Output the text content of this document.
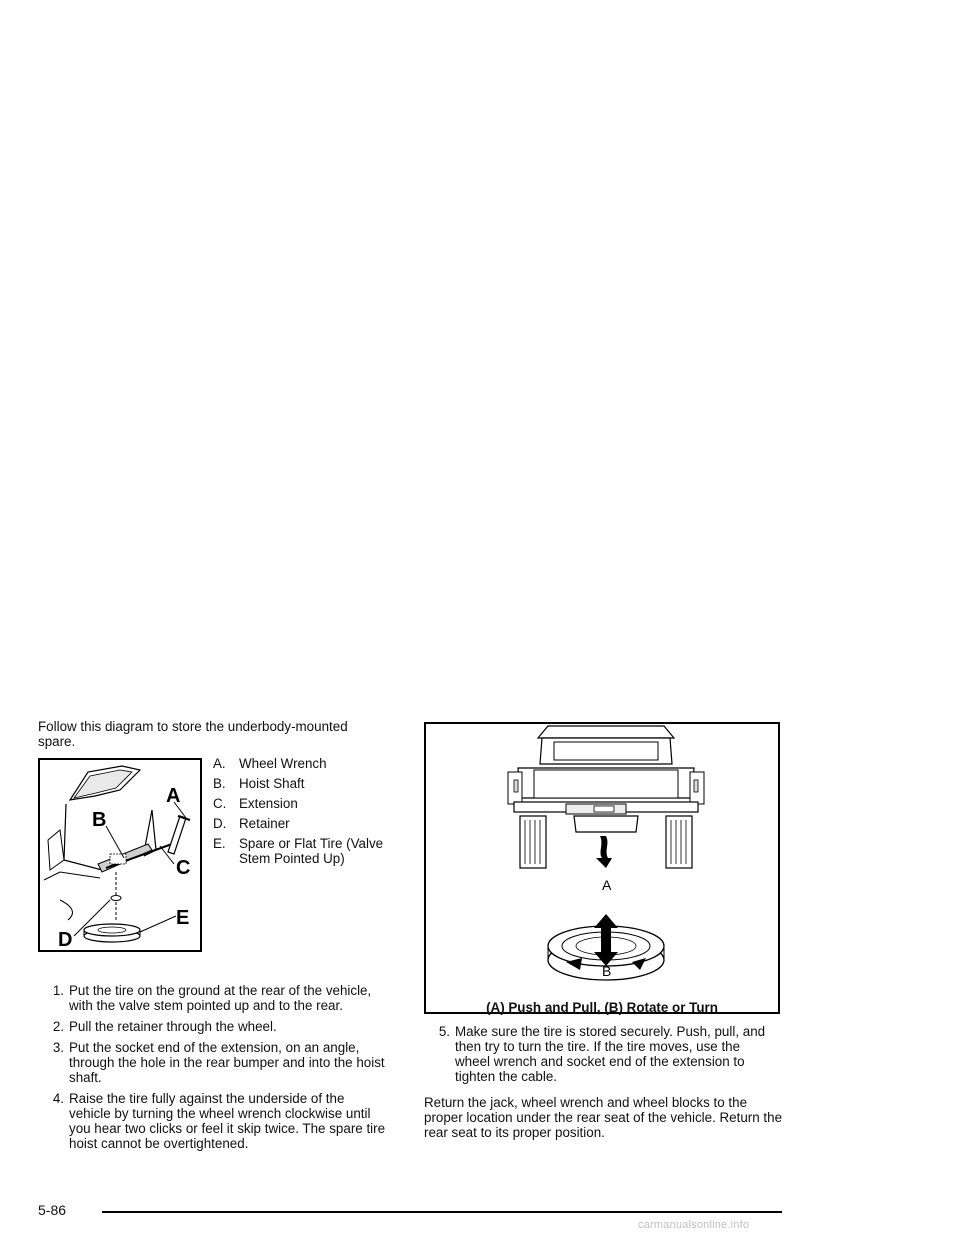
Follow this diagram to store the underbody-mounted spare.

A
B
C
D
E
A. Wheel Wrench
B. Hoist Shaft
C. Extension
D. Retainer
E. Spare or Flat Tire (Valve Stem Pointed Up)
1. Put the tire on the ground at the rear of the vehicle, with the valve stem pointed up and to the rear.
2. Pull the retainer through the wheel.
3. Put the socket end of the extension, on an angle, through the hole in the rear bumper and into the hoist shaft.
4. Raise the tire fully against the underside of the vehicle by turning the wheel wrench clockwise until you hear two clicks or feel it skip twice. The spare tire hoist cannot be overtightened.
A
B
(A) Push and Pull, (B) Rotate or Turn
5. Make sure the tire is stored securely. Push, pull, and then try to turn the tire. If the tire moves, use the wheel wrench and socket end of the extension to tighten the cable.

Return the jack, wheel wrench and wheel blocks to the proper location under the rear seat of the vehicle. Return the rear seat to its proper position.

5-86
carmanualsonline.info
